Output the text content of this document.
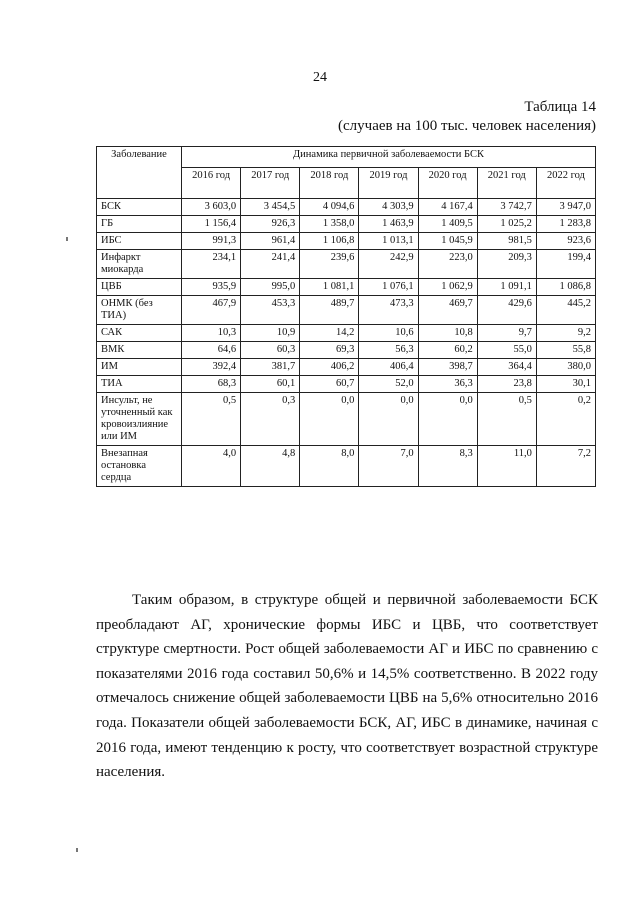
24
Таблица 14
(случаев на 100 тыс. человек населения)
Заболевание	Динамика первичной заболеваемости БСК						
	2016 год	2017 год	2018 год	2019 год	2020 год	2021 год	2022 год
БСК	3 603,0	3 454,5	4 094,6	4 303,9	4 167,4	3 742,7	3 947,0
ГБ	1 156,4	926,3	1 358,0	1 463,9	1 409,5	1 025,2	1 283,8
ИБС	991,3	961,4	1 106,8	1 013,1	1 045,9	981,5	923,6
Инфаркт миокарда	234,1	241,4	239,6	242,9	223,0	209,3	199,4
ЦВБ	935,9	995,0	1 081,1	1 076,1	1 062,9	1 091,1	1 086,8
ОНМК (без ТИА)	467,9	453,3	489,7	473,3	469,7	429,6	445,2
САК	10,3	10,9	14,2	10,6	10,8	9,7	9,2
ВМК	64,6	60,3	69,3	56,3	60,2	55,0	55,8
ИМ	392,4	381,7	406,2	406,4	398,7	364,4	380,0
ТИА	68,3	60,1	60,7	52,0	36,3	23,8	30,1
Инсульт, не уточненный как кровоизлияние или ИМ	0,5	0,3	0,0	0,0	0,0	0,5	0,2
Внезапная остановка сердца	4,0	4,8	8,0	7,0	8,3	11,0	7,2

Таким образом, в структуре общей и первичной заболеваемости БСК преобладают АГ, хронические формы ИБС и ЦВБ, что соответствует структуре смертности. Рост общей заболеваемости АГ и ИБС по сравнению с показателями 2016 года составил 50,6% и 14,5% соответственно. В 2022 году отмечалось снижение общей заболеваемости ЦВБ на 5,6% относительно 2016 года. Показатели общей заболеваемости БСК, АГ, ИБС в динамике, начиная с 2016 года, имеют тенденцию к росту, что соответствует возрастной структуре населения.
